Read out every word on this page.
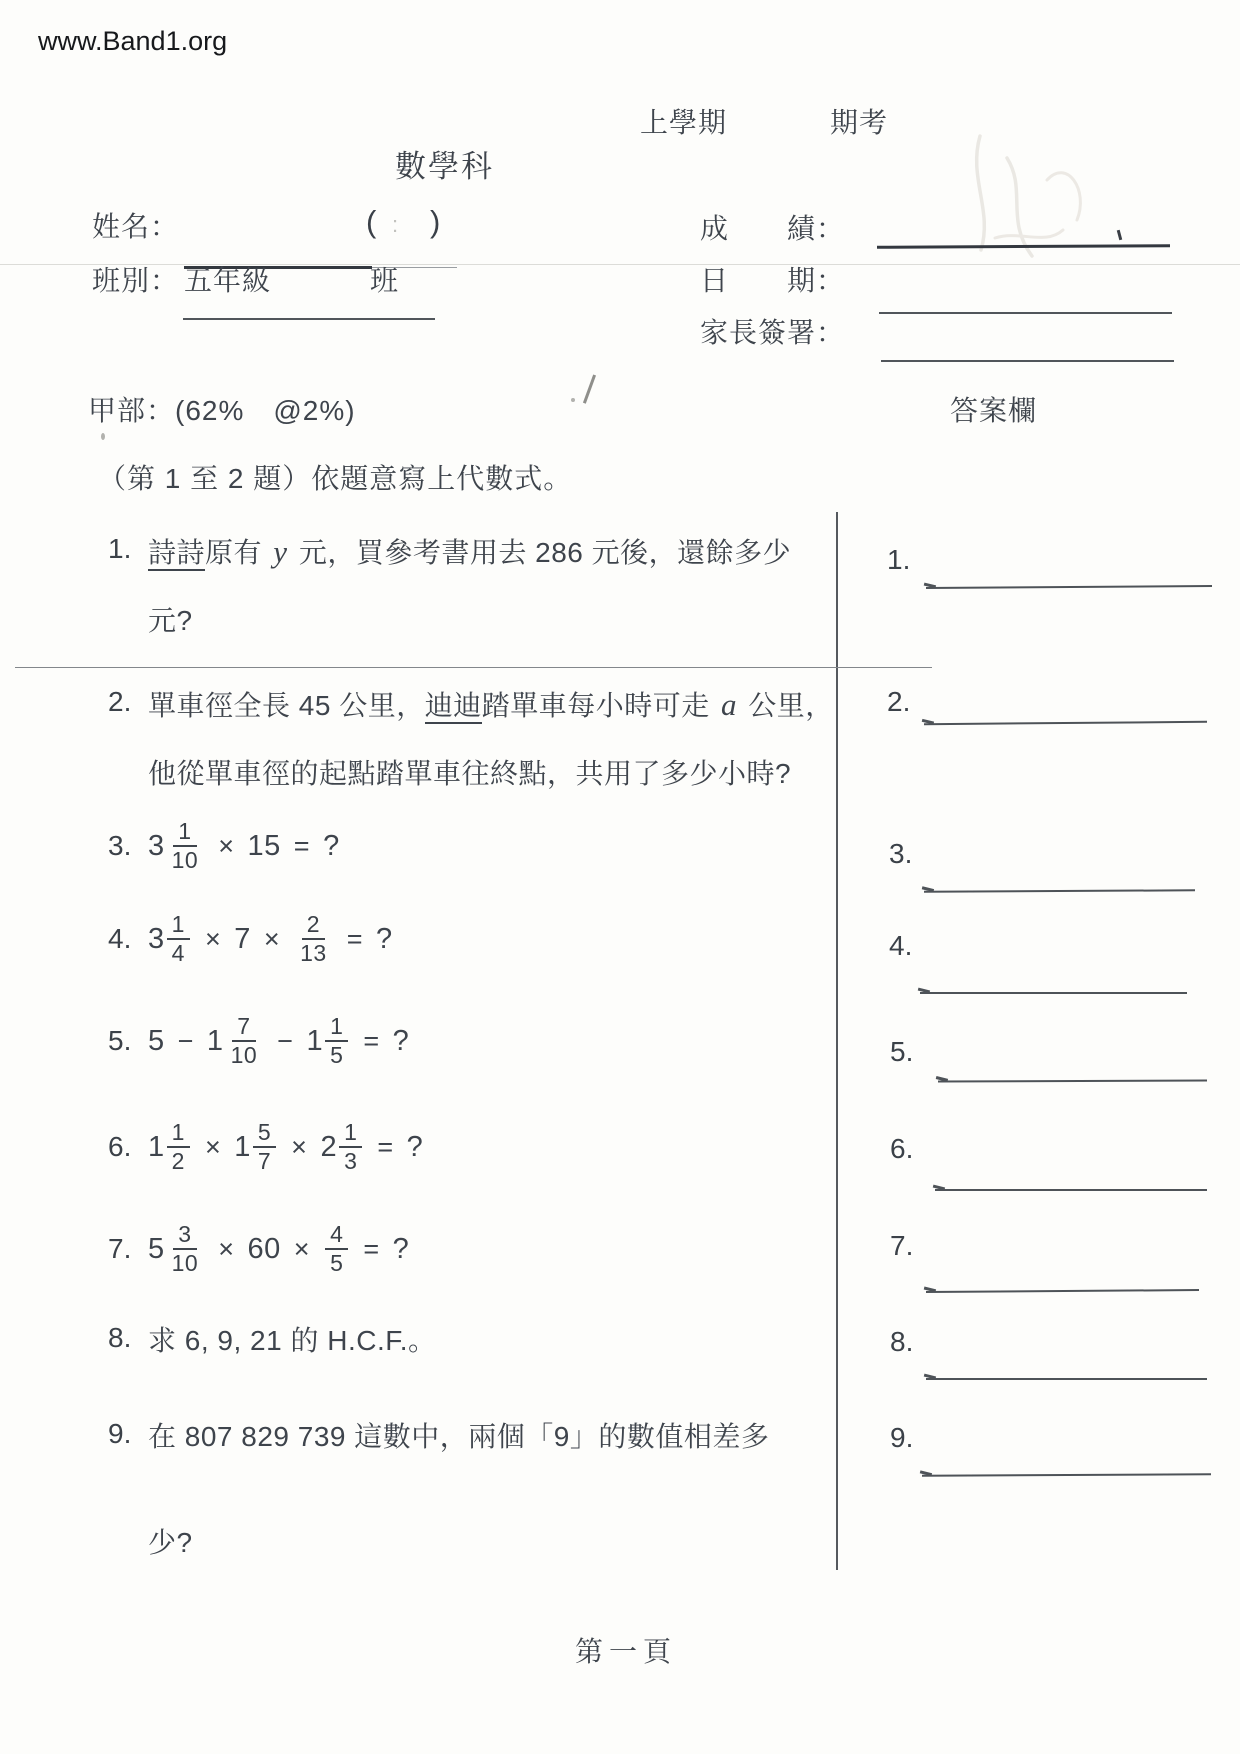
www.Band1.org
上學期	期考
數學科
姓名：	( : )
班別： 五年級	班
成　　績：
日　　期：
家長簽署：
甲部：(62%　@2%)	答案欄
（第 1 至 2 題）依題意寫上代數式。
1. 詩詩原有 y 元，買參考書用去 286 元後，還餘多少
元?
2. 單車徑全長 45 公里，迪迪踏單車每小時可走 a 公里，
他從單車徑的起點踏單車往終點，共用了多少小時?
3. $3 \frac{1}{10} \times 15$ = ?
4. $3 \frac{1}{4} \times 7 \times \frac{2}{13}$ = ?
5. $5 - 1 \frac{7}{10} - 1 \frac{1}{5}$ = ?
6. $1 \frac{1}{2} \times 1 \frac{5}{7} \times 2 \frac{1}{3}$ = ?
7. $5 \frac{3}{10} \times 60 \times \frac{4}{5}$ = ?
8. 求 6, 9, 21 的 H.C.F.。
9. 在 807 829 739 這數中，兩個「9」的數值相差多
少?
1.
2.
3.
4.
5.
6.
7.
8.
9.
第一頁
